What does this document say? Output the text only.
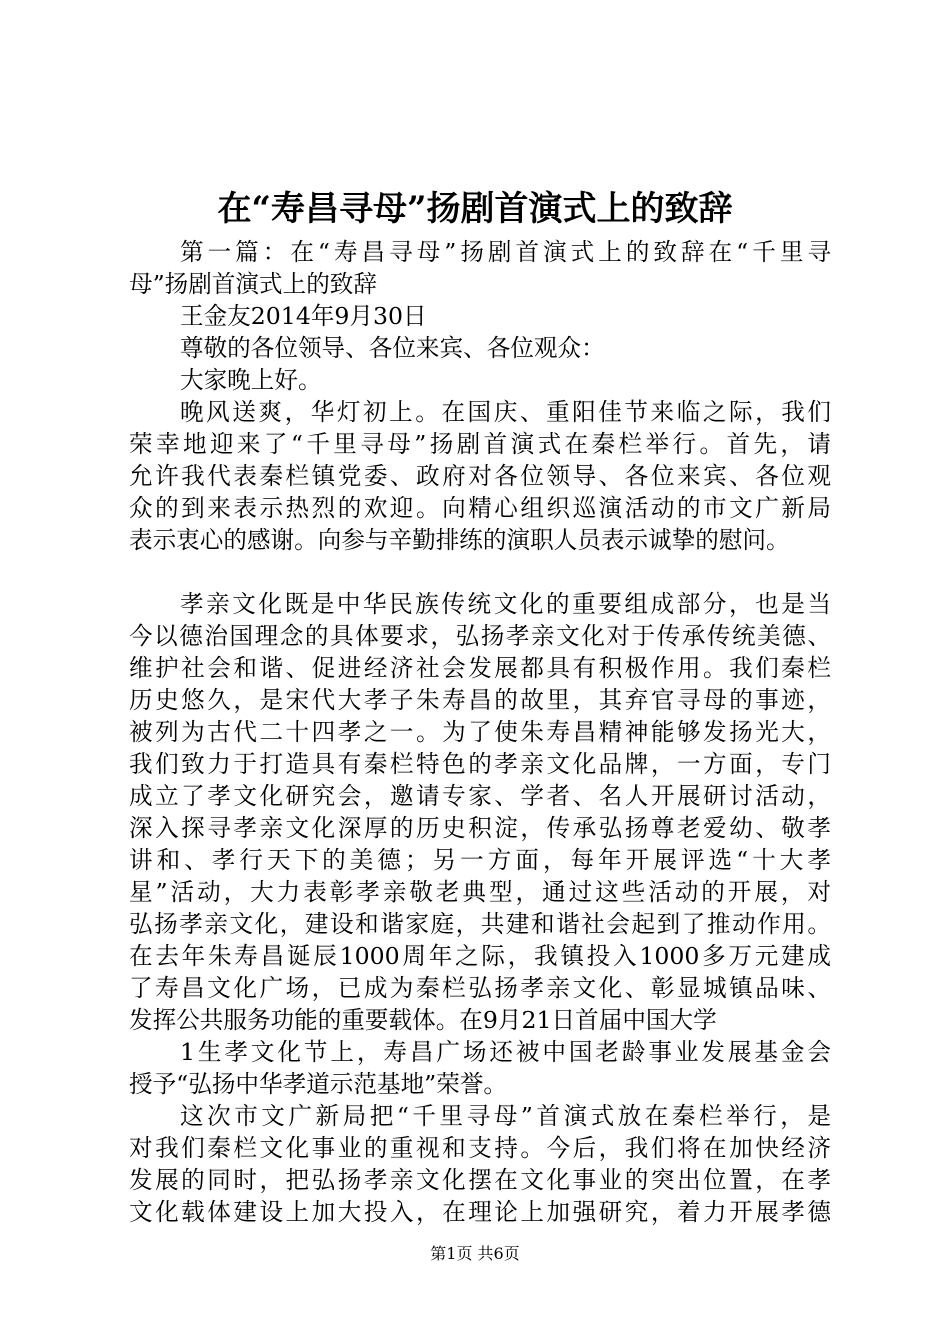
在“寿昌寻母”扬剧首演式上的致辞
第一篇：在“寿昌寻母”扬剧首演式上的致辞在“千里寻
母”扬剧首演式上的致辞
王金友2014年9月30日
尊敬的各位领导、各位来宾、各位观众：
大家晚上好。
晚风送爽，华灯初上。在国庆、重阳佳节来临之际，我们
荣幸地迎来了“千里寻母”扬剧首演式在秦栏举行。首先，请
允许我代表秦栏镇党委、政府对各位领导、各位来宾、各位观
众的到来表示热烈的欢迎。向精心组织巡演活动的市文广新局
表示衷心的感谢。向参与辛勤排练的演职人员表示诚挚的慰问。
孝亲文化既是中华民族传统文化的重要组成部分，也是当
今以德治国理念的具体要求，弘扬孝亲文化对于传承传统美德、
维护社会和谐、促进经济社会发展都具有积极作用。我们秦栏
历史悠久，是宋代大孝子朱寿昌的故里，其弃官寻母的事迹，
被列为古代二十四孝之一。为了使朱寿昌精神能够发扬光大，
我们致力于打造具有秦栏特色的孝亲文化品牌，一方面，专门
成立了孝文化研究会，邀请专家、学者、名人开展研讨活动，
深入探寻孝亲文化深厚的历史积淀，传承弘扬尊老爱幼、敬孝
讲和、孝行天下的美德；另一方面，每年开展评选“十大孝
星”活动，大力表彰孝亲敬老典型，通过这些活动的开展，对
弘扬孝亲文化，建设和谐家庭，共建和谐社会起到了推动作用。
在去年朱寿昌诞辰1000周年之际，我镇投入1000多万元建成
了寿昌文化广场，已成为秦栏弘扬孝亲文化、彰显城镇品味、
发挥公共服务功能的重要载体。在9月21日首届中国大学
1生孝文化节上，寿昌广场还被中国老龄事业发展基金会
授予“弘扬中华孝道示范基地”荣誉。
这次市文广新局把“千里寻母”首演式放在秦栏举行，是
对我们秦栏文化事业的重视和支持。今后，我们将在加快经济
发展的同时，把弘扬孝亲文化摆在文化事业的突出位置，在孝
文化载体建设上加大投入，在理论上加强研究，着力开展孝德
第1页 共6页
